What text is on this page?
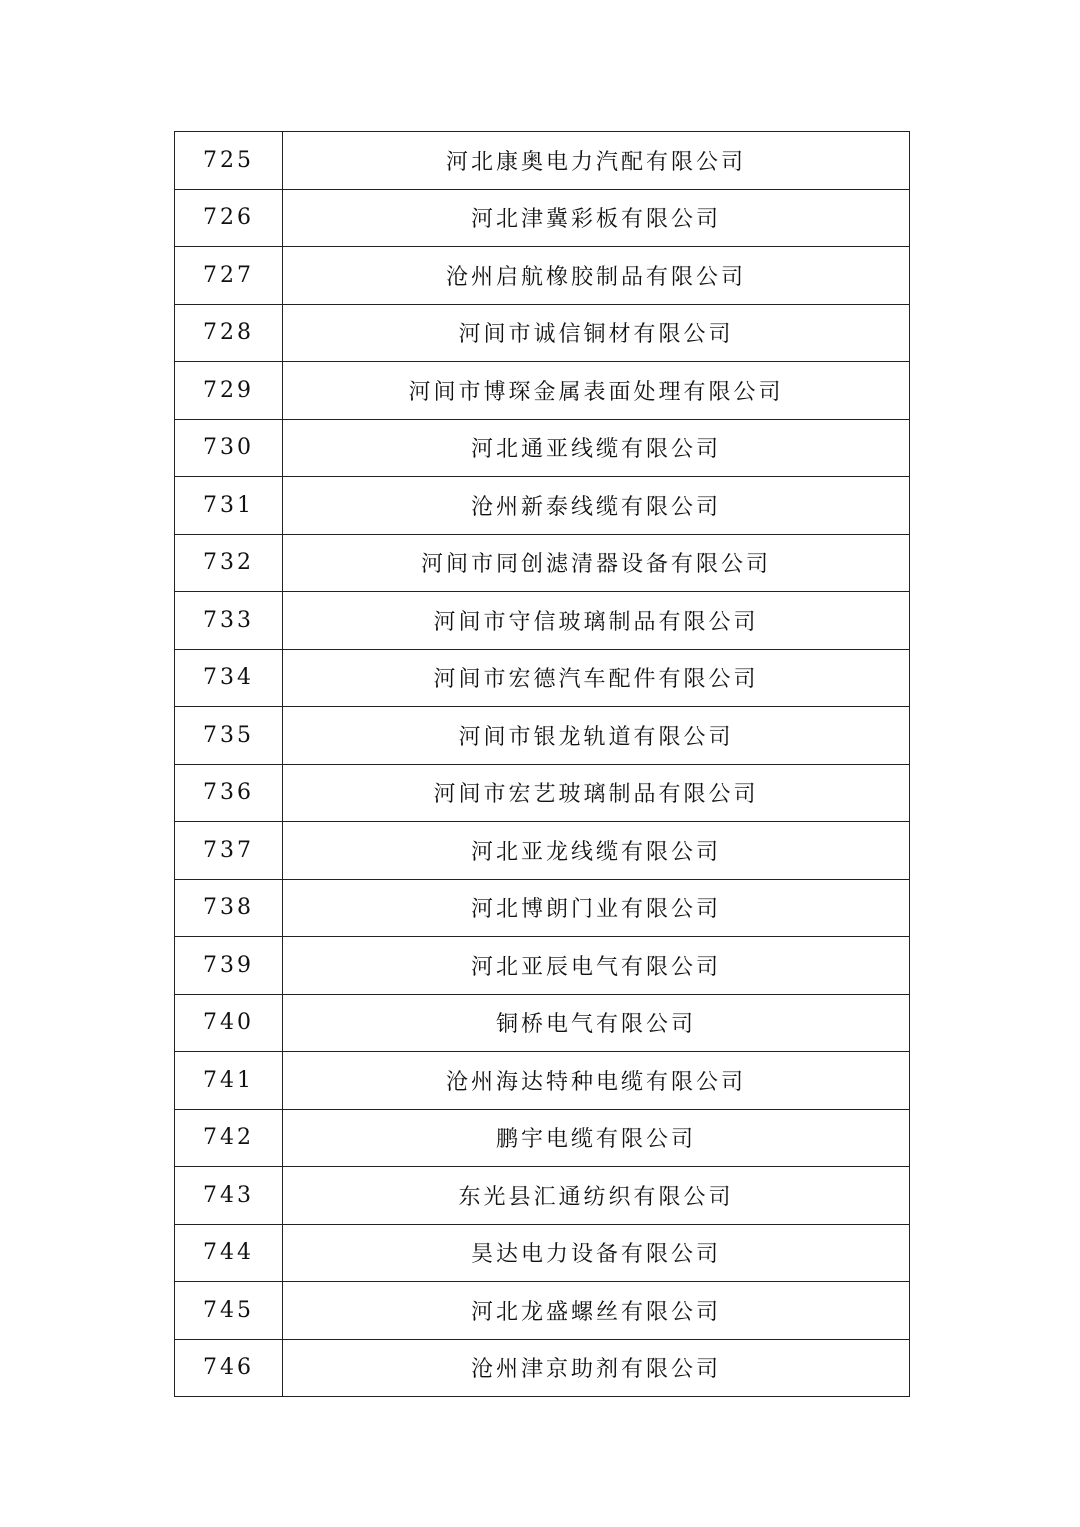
725	河北康奥电力汽配有限公司
726	河北津冀彩板有限公司
727	沧州启航橡胶制品有限公司
728	河间市诚信铜材有限公司
729	河间市博琛金属表面处理有限公司
730	河北通亚线缆有限公司
731	沧州新泰线缆有限公司
732	河间市同创滤清器设备有限公司
733	河间市守信玻璃制品有限公司
734	河间市宏德汽车配件有限公司
735	河间市银龙轨道有限公司
736	河间市宏艺玻璃制品有限公司
737	河北亚龙线缆有限公司
738	河北博朗门业有限公司
739	河北亚辰电气有限公司
740	铜桥电气有限公司
741	沧州海达特种电缆有限公司
742	鹏宇电缆有限公司
743	东光县汇通纺织有限公司
744	昊达电力设备有限公司
745	河北龙盛螺丝有限公司
746	沧州津京助剂有限公司
